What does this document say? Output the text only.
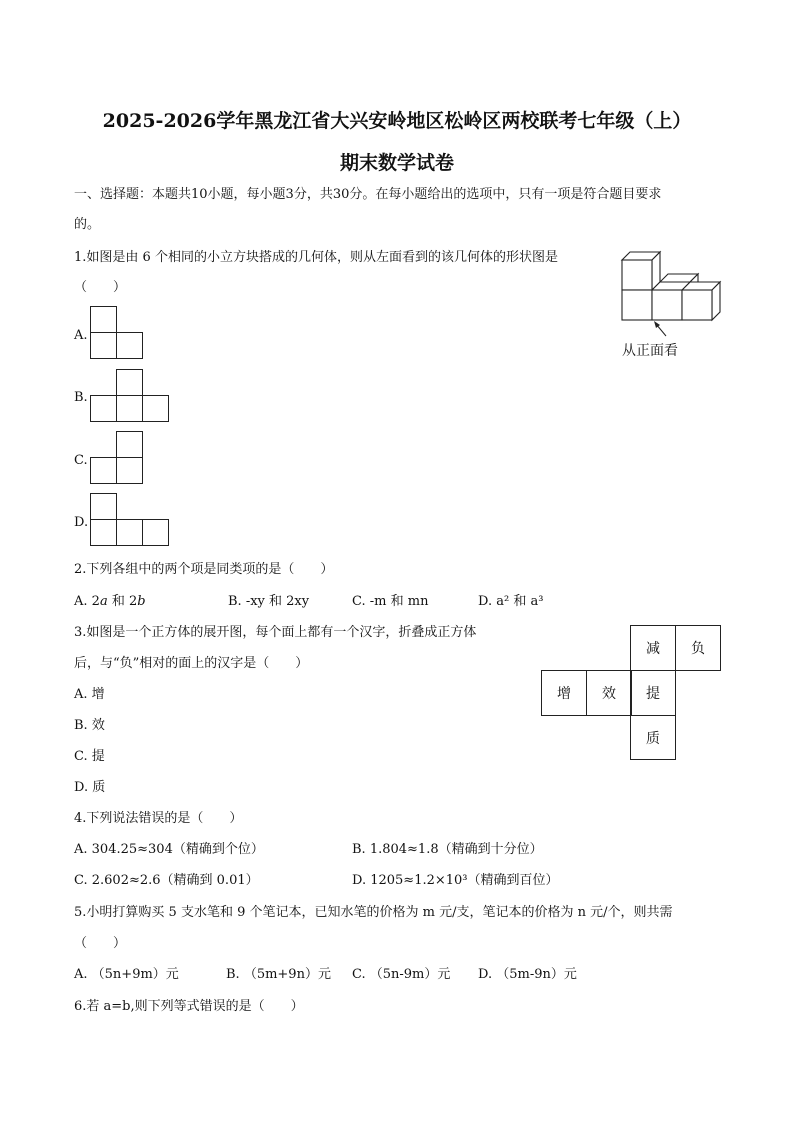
2025-2026学年黑龙江省大兴安岭地区松岭区两校联考七年级（上）
期末数学试卷
一、选择题：本题共10小题，每小题3分，共30分。在每小题给出的选项中，只有一项是符合题目要求
的。
1.如图是由 6 个相同的小立方块搭成的几何体，则从左面看到的该几何体的形状图是
（　　）
从正面看
A.
B.
C.
D.
2.下列各组中的两个项是同类项的是（　　）
A. 2a 和 2b	B. -xy 和 2xy	C. -m 和 mn	D. a² 和 a³
3.如图是一个正方体的展开图，每个面上都有一个汉字，折叠成正方体
后，与“负”相对的面上的汉字是（　　）
A. 增
B. 效
C. 提
D. 质
减	负
增	效	提
质
4.下列说法错误的是（　　）
A. 304.25≈304（精确到个位）	B. 1.804≈1.8（精确到十分位）
C. 2.602≈2.6（精确到 0.01）	D. 1205≈1.2×10³（精确到百位）
5.小明打算购买 5 支水笔和 9 个笔记本，已知水笔的价格为 m 元/支，笔记本的价格为 n 元/个，则共需
（　　）
A. （5n+9m）元	B. （5m+9n）元 C. （5n-9m）元 D. （5m-9n）元
6.若 a=b,则下列等式错误的是（　　）
